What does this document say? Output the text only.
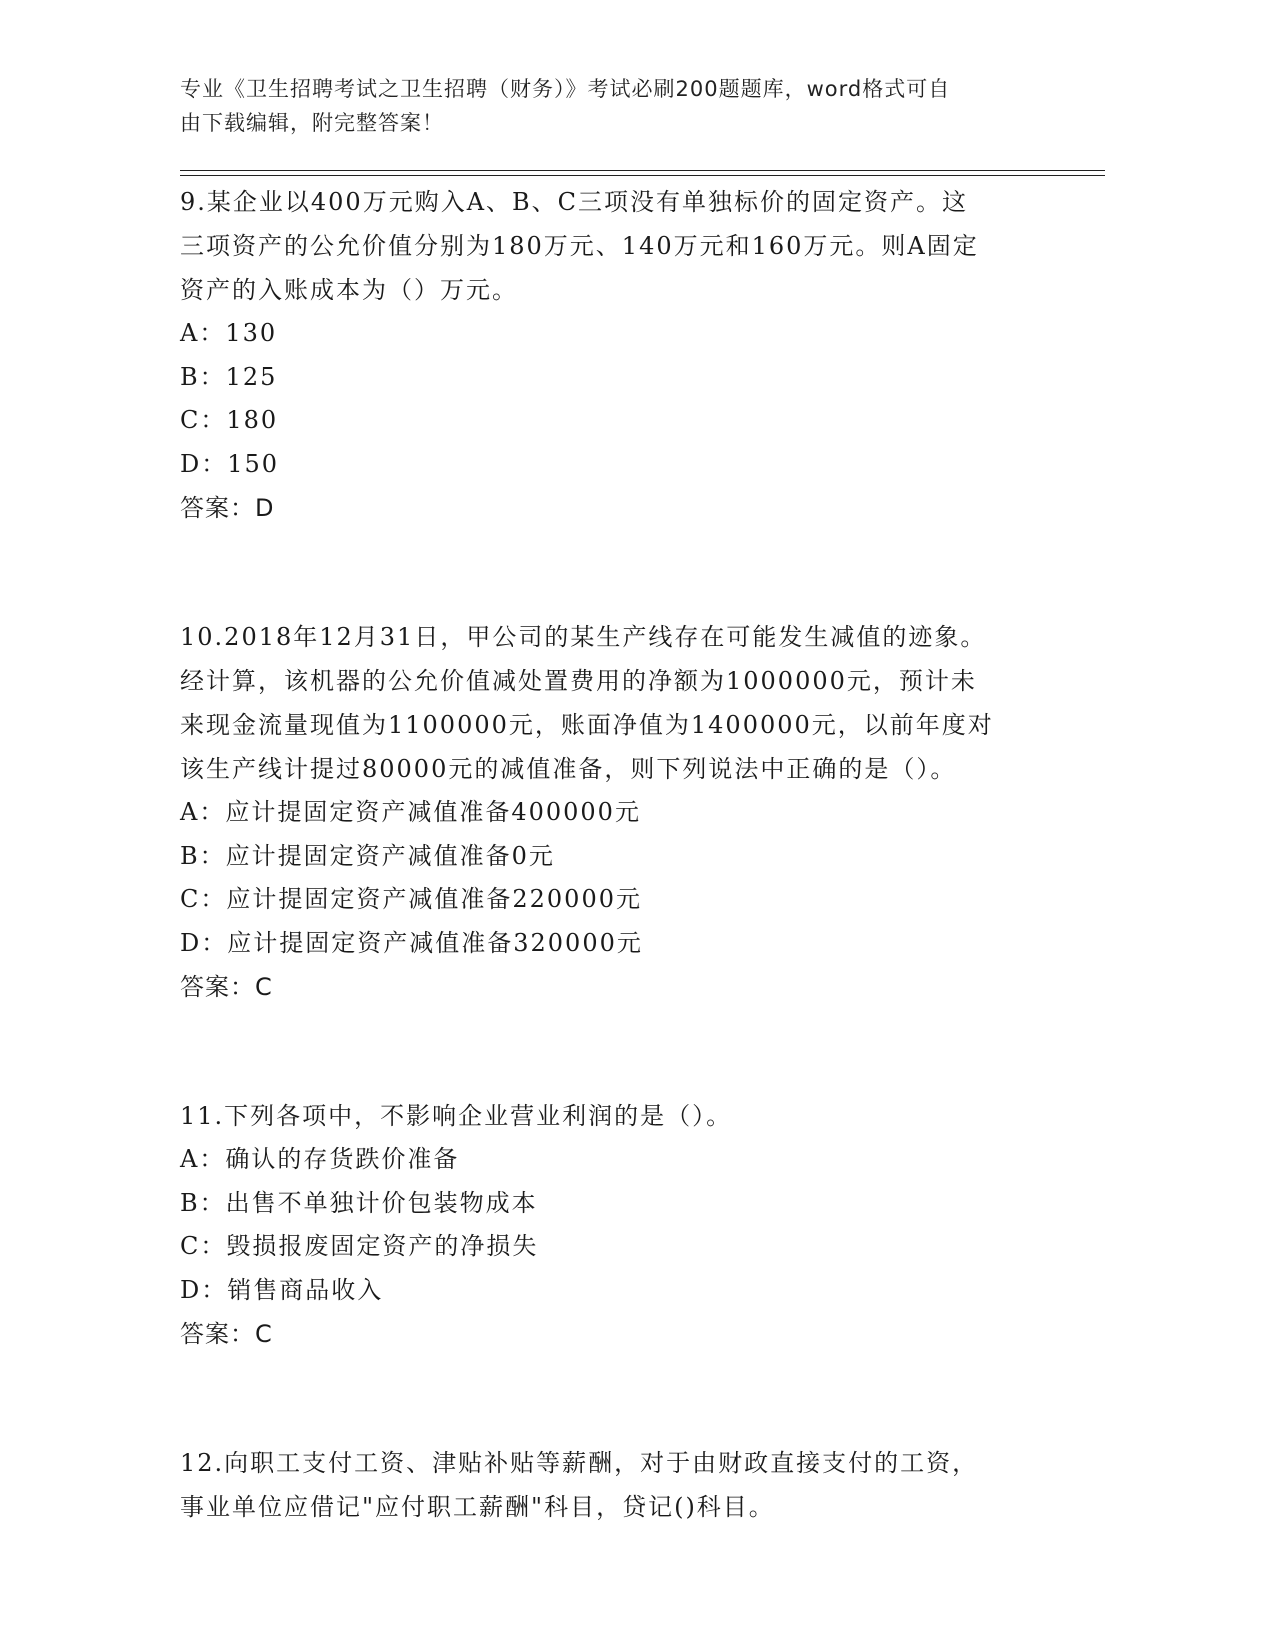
专业《卫生招聘考试之卫生招聘（财务）》考试必刷200题题库，word格式可自
由下载编辑，附完整答案！

9.某企业以400万元购入A、B、C三项没有单独标价的固定资产。这

三项资产的公允价值分别为180万元、140万元和160万元。则A固定

资产的入账成本为（）万元。

A：130

B：125

C：180

D：150

答案：D

10.2018年12月31日，甲公司的某生产线存在可能发生减值的迹象。

经计算，该机器的公允价值减处置费用的净额为1000000元，预计未

来现金流量现值为1100000元，账面净值为1400000元，以前年度对

该生产线计提过80000元的减值准备，则下列说法中正确的是（）。

A：应计提固定资产减值准备400000元

B：应计提固定资产减值准备0元

C：应计提固定资产减值准备220000元

D：应计提固定资产减值准备320000元

答案：C

11.下列各项中，不影响企业营业利润的是（）。

A：确认的存货跌价准备

B：出售不单独计价包装物成本

C：毁损报废固定资产的净损失

D：销售商品收入

答案：C

12.向职工支付工资、津贴补贴等薪酬，对于由财政直接支付的工资，

事业单位应借记"应付职工薪酬"科目，贷记()科目。
